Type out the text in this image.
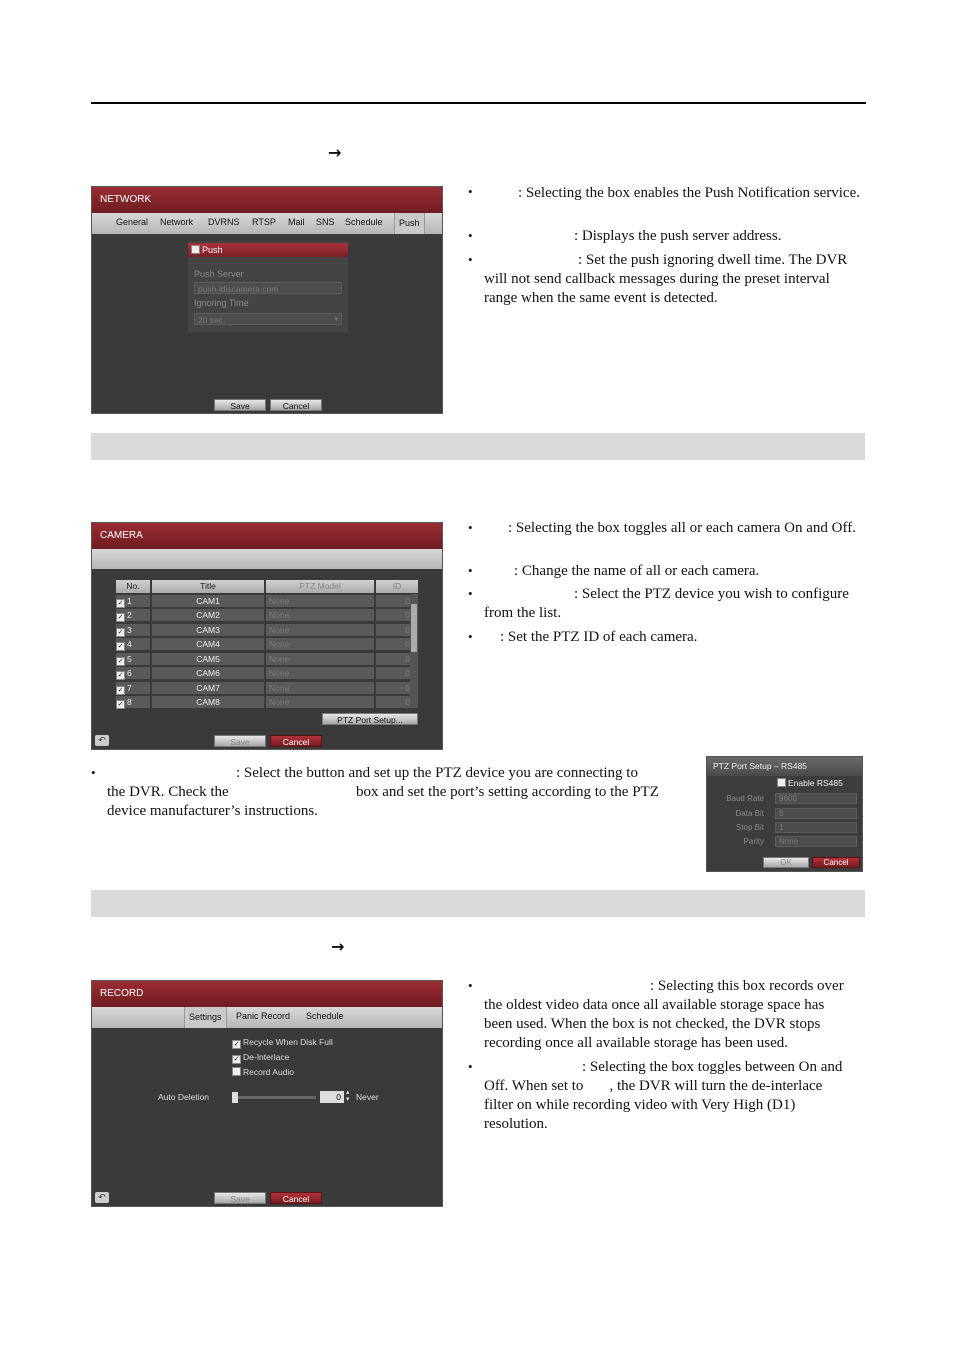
→
NETWORK
General Network DVRNS RTSP Mail SNS Schedule	Push
Push
Push Server
push.idiscamera.com
Ignoring Time
20 sec.	▾
Save	Cancel
•	: Selecting the box enables the Push Notification service.
•	: Displays the push server address.
•	: Set the push ignoring dwell time. The DVR will not send callback messages during the preset interval range when the same event is detected.
CAMERA
No.	Title	PTZ Model	ID
✓ 1	CAM1	None	0
✓ 2	CAM2	None	0
✓ 3	CAM3	None	0
✓ 4	CAM4	None	0
✓ 5	CAM5	None	0
✓ 6	CAM6	None	0
✓ 7	CAM7	None	0
✓ 8	CAM8	None	0
PTZ Port Setup...
↶	Save	Cancel
•	: Selecting the box toggles all or each camera On and Off.
•	: Change the name of all or each camera.
•	: Select the PTZ device you wish to configure from the list.
•	: Set the PTZ ID of each camera.
•	: Select the button and set up the PTZ device you are connecting to
the DVR. Check the	box and set the port’s setting according to the PTZ
device manufacturer’s instructions.
PTZ Port Setup – RS485
Enable RS485
Baud Rate	9600
Data Bit	8
Stop Bit	1
Parity	None
OK	Cancel
→
RECORD
Settings	Panic Record Schedule
✓ Recycle When Disk Full
✓ De-Interlace
Record Audio
Auto Deletion	0 ▴
▾ Never
↶	Save	Cancel
•	: Selecting this box records over
the oldest video data once all available storage space has
been used. When the box is not checked, the DVR stops
recording once all available storage has been used.
•	: Selecting the box toggles between On and
Off. When set to , the DVR will turn the de-interlace
filter on while recording video with Very High (D1)
resolution.
